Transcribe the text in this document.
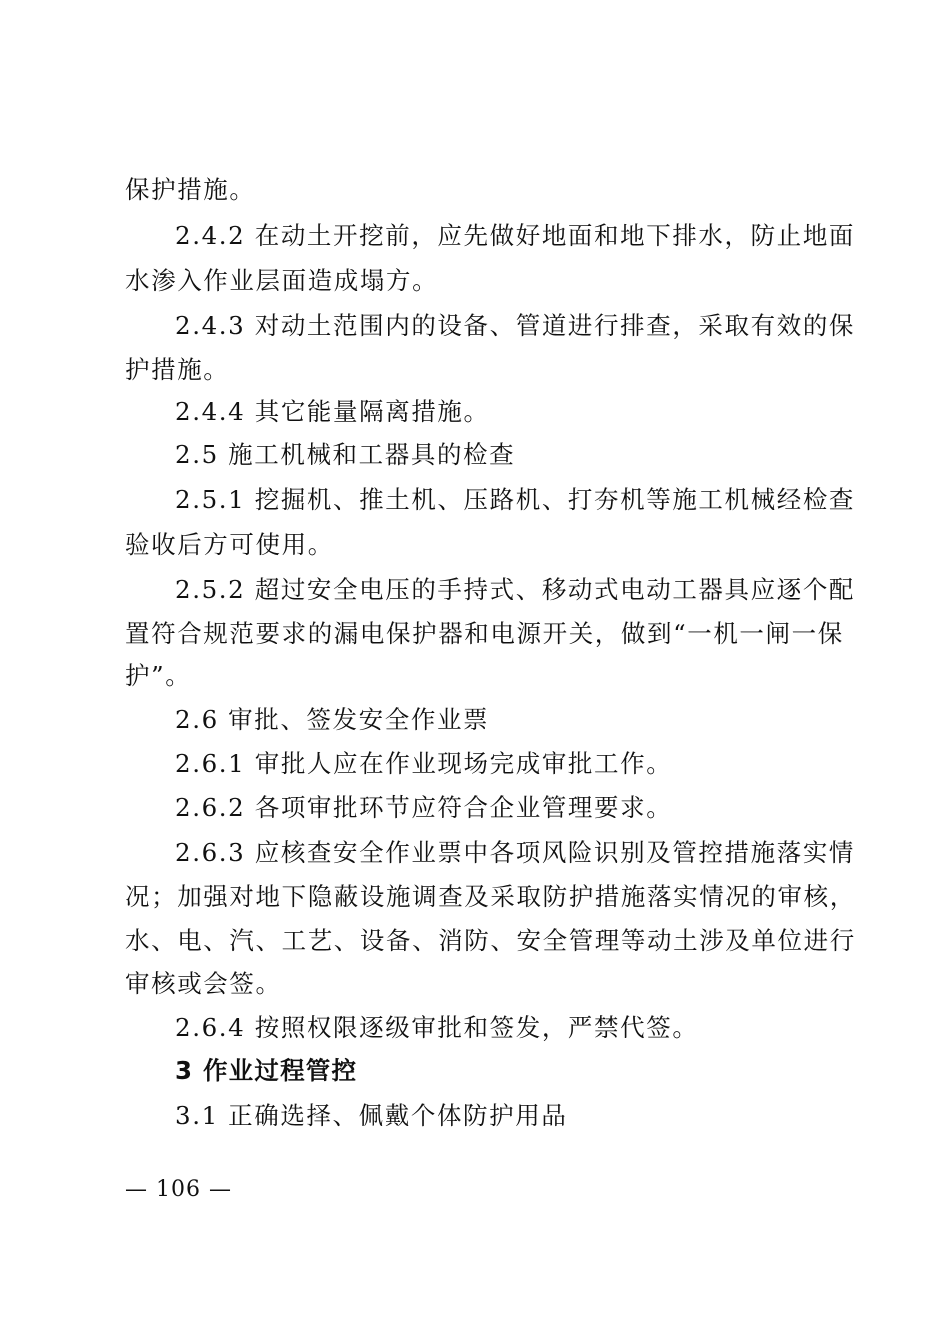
保护措施。
2.4.2 在动土开挖前，应先做好地面和地下排水，防止地面
水渗入作业层面造成塌方。
2.4.3 对动土范围内的设备、管道进行排查，采取有效的保
护措施。
2.4.4 其它能量隔离措施。
2.5 施工机械和工器具的检查
2.5.1 挖掘机、推土机、压路机、打夯机等施工机械经检查
验收后方可使用。
2.5.2 超过安全电压的手持式、移动式电动工器具应逐个配
置符合规范要求的漏电保护器和电源开关，做到“一机一闸一保
护”。
2.6 审批、签发安全作业票
2.6.1 审批人应在作业现场完成审批工作。
2.6.2 各项审批环节应符合企业管理要求。
2.6.3 应核查安全作业票中各项风险识别及管控措施落实情
况；加强对地下隐蔽设施调查及采取防护措施落实情况的审核，
水、电、汽、工艺、设备、消防、安全管理等动土涉及单位进行
审核或会签。
2.6.4 按照权限逐级审批和签发，严禁代签。
3 作业过程管控
3.1 正确选择、佩戴个体防护用品
— 106 —
